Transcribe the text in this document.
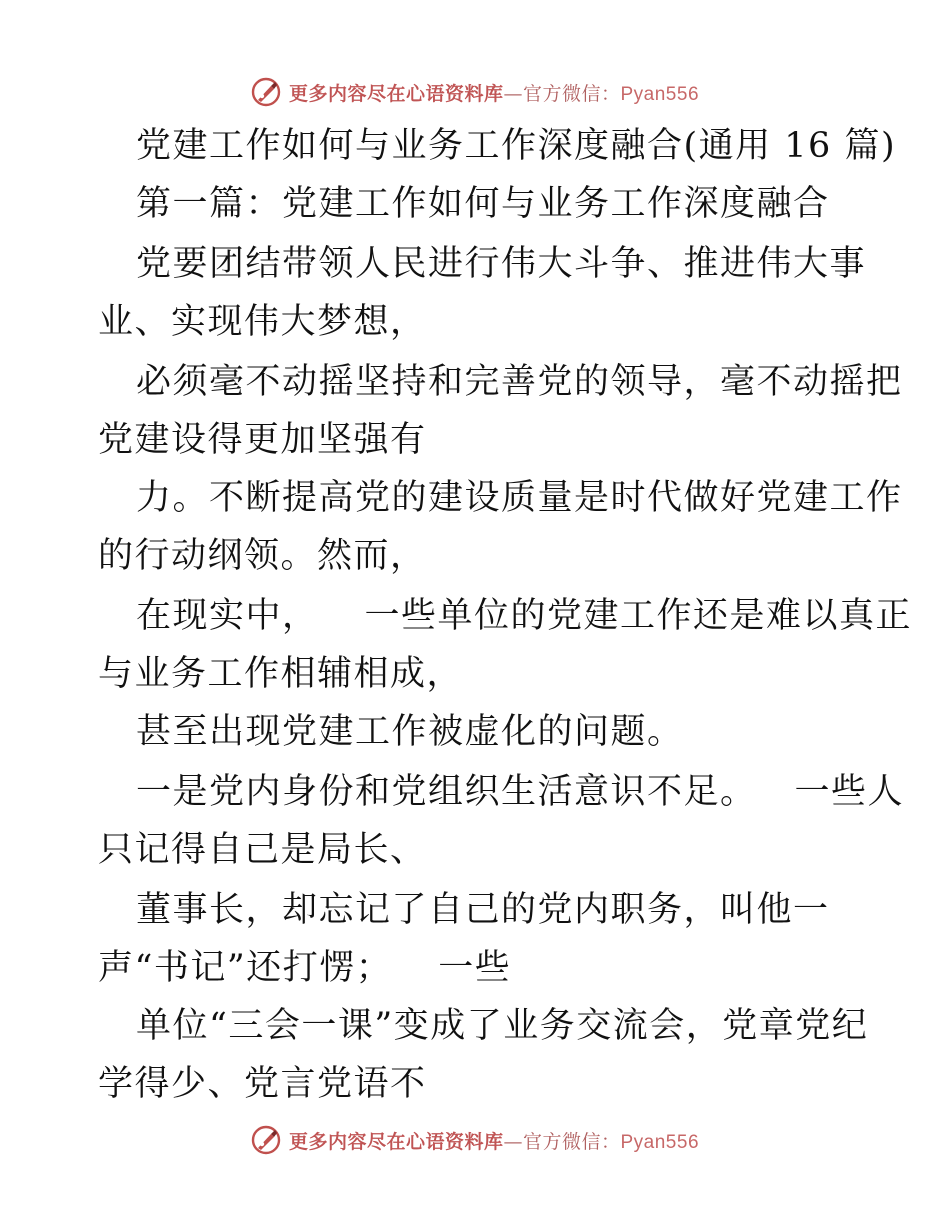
更多内容尽在心语资料库—官方微信：Pyan556
党建工作如何与业务工作深度融合(通用 16 篇)
第一篇：党建工作如何与业务工作深度融合
党要团结带领人民进行伟大斗争、推进伟大事
业、实现伟大梦想，
必须毫不动摇坚持和完善党的领导，毫不动摇把
党建设得更加坚强有
力。不断提高党的建设质量是时代做好党建工作
的行动纲领。然而，
在现实中， 一些单位的党建工作还是难以真正
与业务工作相辅相成，
甚至出现党建工作被虚化的问题。
一是党内身份和党组织生活意识不足。 一些人
只记得自己是局长、
董事长，却忘记了自己的党内职务，叫他一
声“书记”还打愣； 一些
单位“三会一课”变成了业务交流会，党章党纪
学得少、党言党语不
更多内容尽在心语资料库—官方微信：Pyan556
